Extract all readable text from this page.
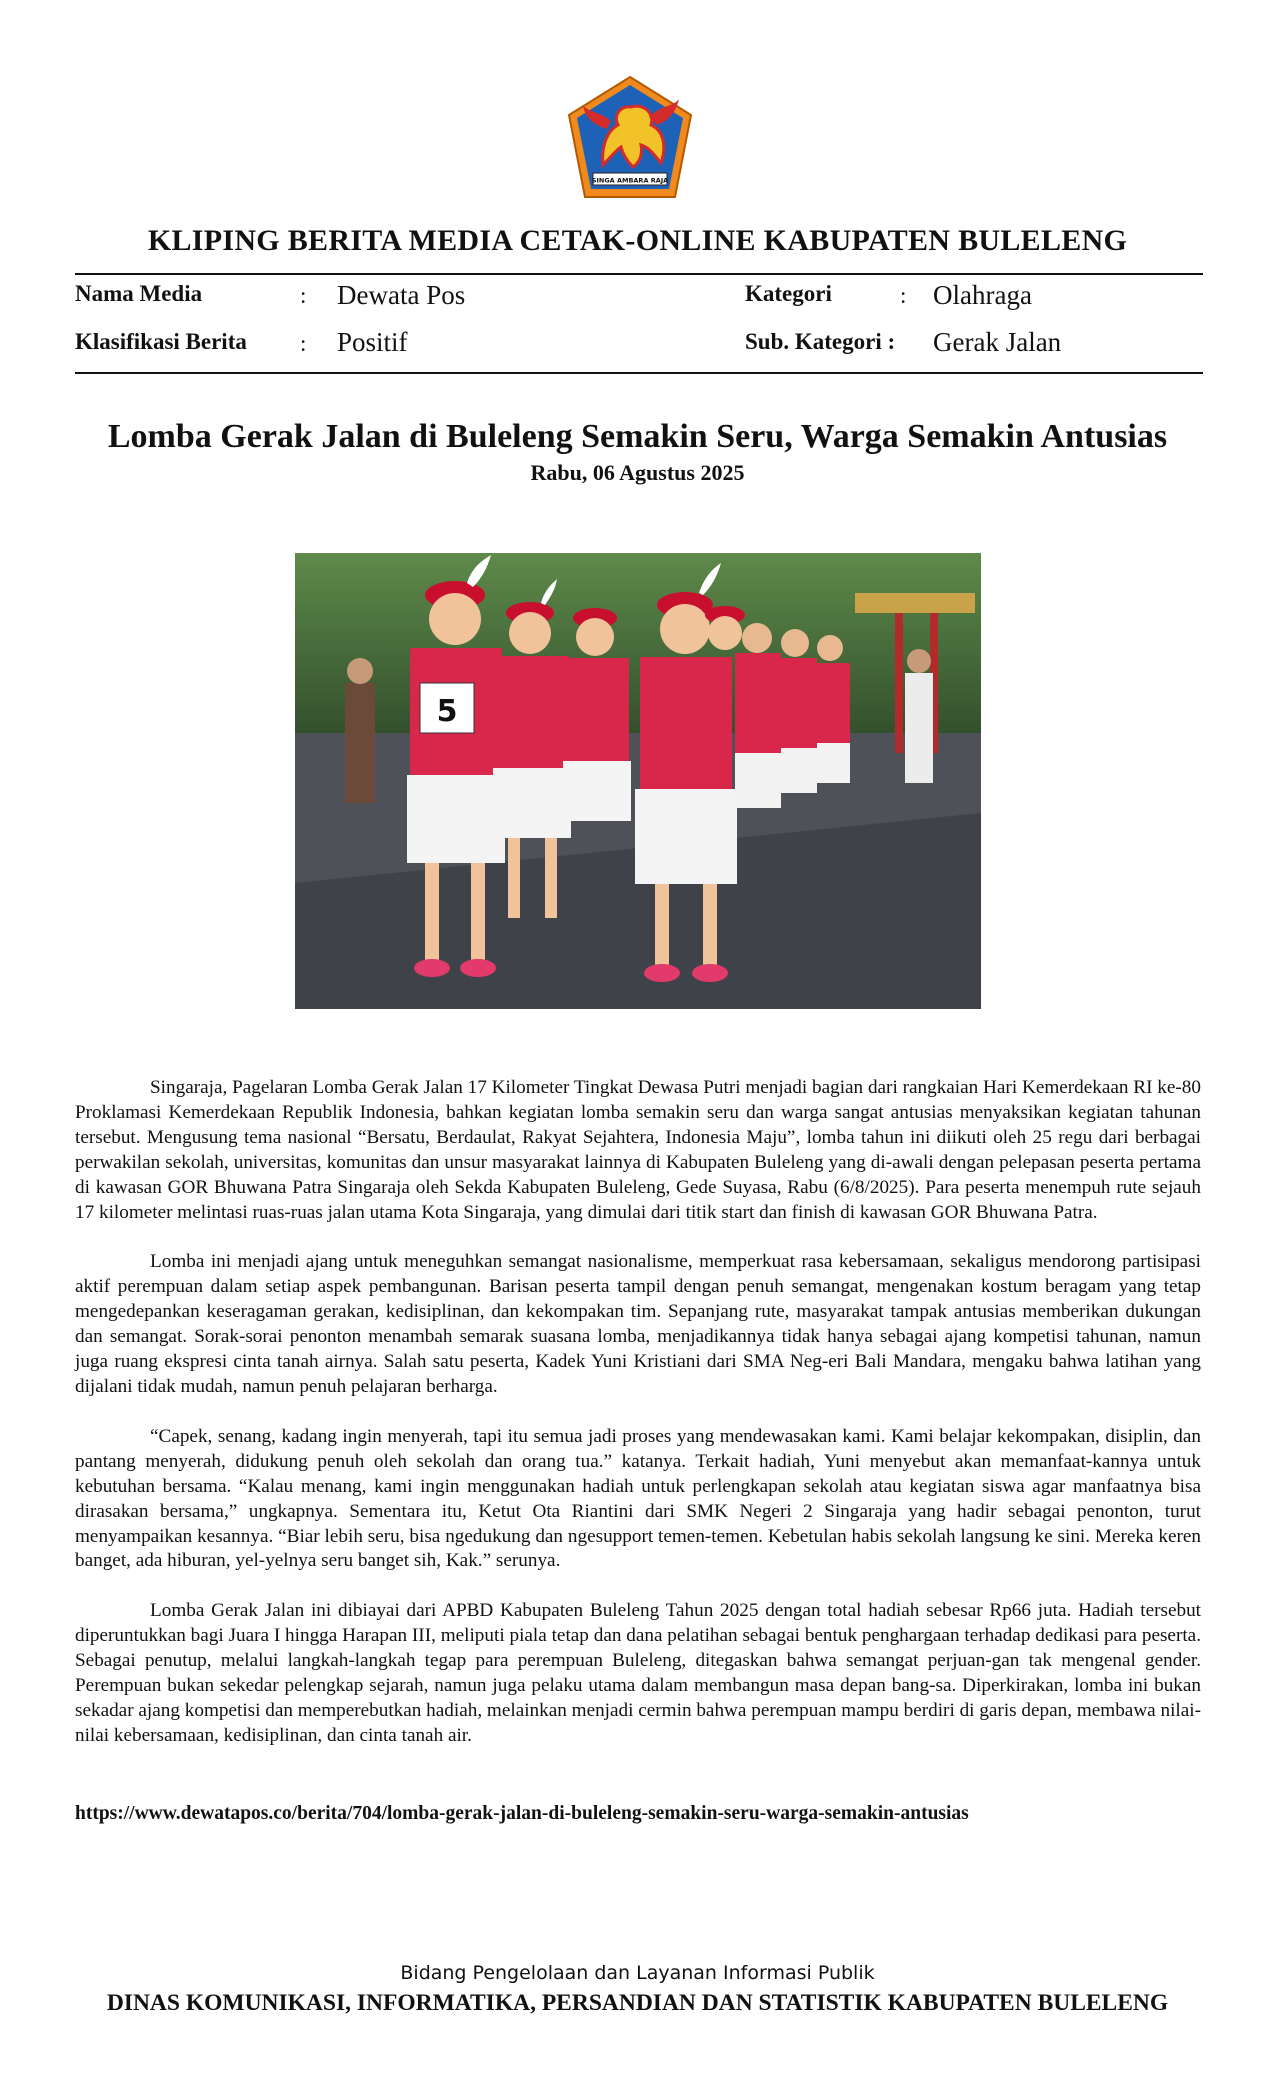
SINGA AMBARA RAJA
KLIPING BERITA MEDIA CETAK-ONLINE KABUPATEN BULELENG
Nama Media	: Dewata Pos	Kategori	: Olahraga
Klasifikasi Berita : Positif	Sub. Kategori : Gerak Jalan
Lomba Gerak Jalan di Buleleng Semakin Seru, Warga Semakin Antusias
Rabu, 06 Agustus 2025
5

Singaraja, Pagelaran Lomba Gerak Jalan 17 Kilometer Tingkat Dewasa Putri menjadi bagian dari rangkaian Hari Kemerdekaan RI ke-80 Proklamasi Kemerdekaan Republik Indonesia, bahkan kegiatan lomba semakin seru dan warga sangat antusias menyaksikan kegiatan tahunan tersebut. Mengusung tema nasional “Bersatu, Berdaulat, Rakyat Sejahtera, Indonesia Maju”, lomba tahun ini diikuti oleh 25 regu dari berbagai perwakilan sekolah, universitas, komunitas dan unsur masyarakat lainnya di Kabupaten Buleleng yang di-awali dengan pelepasan peserta pertama di kawasan GOR Bhuwana Patra Singaraja oleh Sekda Kabupaten Buleleng, Gede Suyasa, Rabu (6/8/2025). Para peserta menempuh rute sejauh 17 kilometer melintasi ruas-ruas jalan utama Kota Singaraja, yang dimulai dari titik start dan finish di kawasan GOR Bhuwana Patra.

Lomba ini menjadi ajang untuk meneguhkan semangat nasionalisme, memperkuat rasa kebersamaan, sekaligus mendorong partisipasi aktif perempuan dalam setiap aspek pembangunan. Barisan peserta tampil dengan penuh semangat, mengenakan kostum beragam yang tetap mengedepankan keseragaman gerakan, kedisiplinan, dan kekompakan tim. Sepanjang rute, masyarakat tampak antusias memberikan dukungan dan semangat. Sorak-sorai penonton menambah semarak suasana lomba, menjadikannya tidak hanya sebagai ajang kompetisi tahunan, namun juga ruang ekspresi cinta tanah airnya. Salah satu peserta, Kadek Yuni Kristiani dari SMA Neg-eri Bali Mandara, mengaku bahwa latihan yang dijalani tidak mudah, namun penuh pelajaran berharga.

“Capek, senang, kadang ingin menyerah, tapi itu semua jadi proses yang mendewasakan kami. Kami belajar kekompakan, disiplin, dan pantang menyerah, didukung penuh oleh sekolah dan orang tua.” katanya. Terkait hadiah, Yuni menyebut akan memanfaat-kannya untuk kebutuhan bersama. “Kalau menang, kami ingin menggunakan hadiah untuk perlengkapan sekolah atau kegiatan siswa agar manfaatnya bisa dirasakan bersama,” ungkapnya. Sementara itu, Ketut Ota Riantini dari SMK Negeri 2 Singaraja yang hadir sebagai penonton, turut menyampaikan kesannya. “Biar lebih seru, bisa ngedukung dan ngesupport temen-temen. Kebetulan habis sekolah langsung ke sini. Mereka keren banget, ada hiburan, yel-yelnya seru banget sih, Kak.” serunya.

Lomba Gerak Jalan ini dibiayai dari APBD Kabupaten Buleleng Tahun 2025 dengan total hadiah sebesar Rp66 juta. Hadiah tersebut diperuntukkan bagi Juara I hingga Harapan III, meliputi piala tetap dan dana pelatihan sebagai bentuk penghargaan terhadap dedikasi para peserta. Sebagai penutup, melalui langkah-langkah tegap para perempuan Buleleng, ditegaskan bahwa semangat perjuan-gan tak mengenal gender. Perempuan bukan sekedar pelengkap sejarah, namun juga pelaku utama dalam membangun masa depan bang-sa. Diperkirakan, lomba ini bukan sekadar ajang kompetisi dan memperebutkan hadiah, melainkan menjadi cermin bahwa perempuan mampu berdiri di garis depan, membawa nilai-nilai kebersamaan, kedisiplinan, dan cinta tanah air.

https://www.dewatapos.co/berita/704/lomba-gerak-jalan-di-buleleng-semakin-seru-warga-semakin-antusias
Bidang Pengelolaan dan Layanan Informasi Publik
DINAS KOMUNIKASI, INFORMATIKA, PERSANDIAN DAN STATISTIK KABUPATEN BULELENG
